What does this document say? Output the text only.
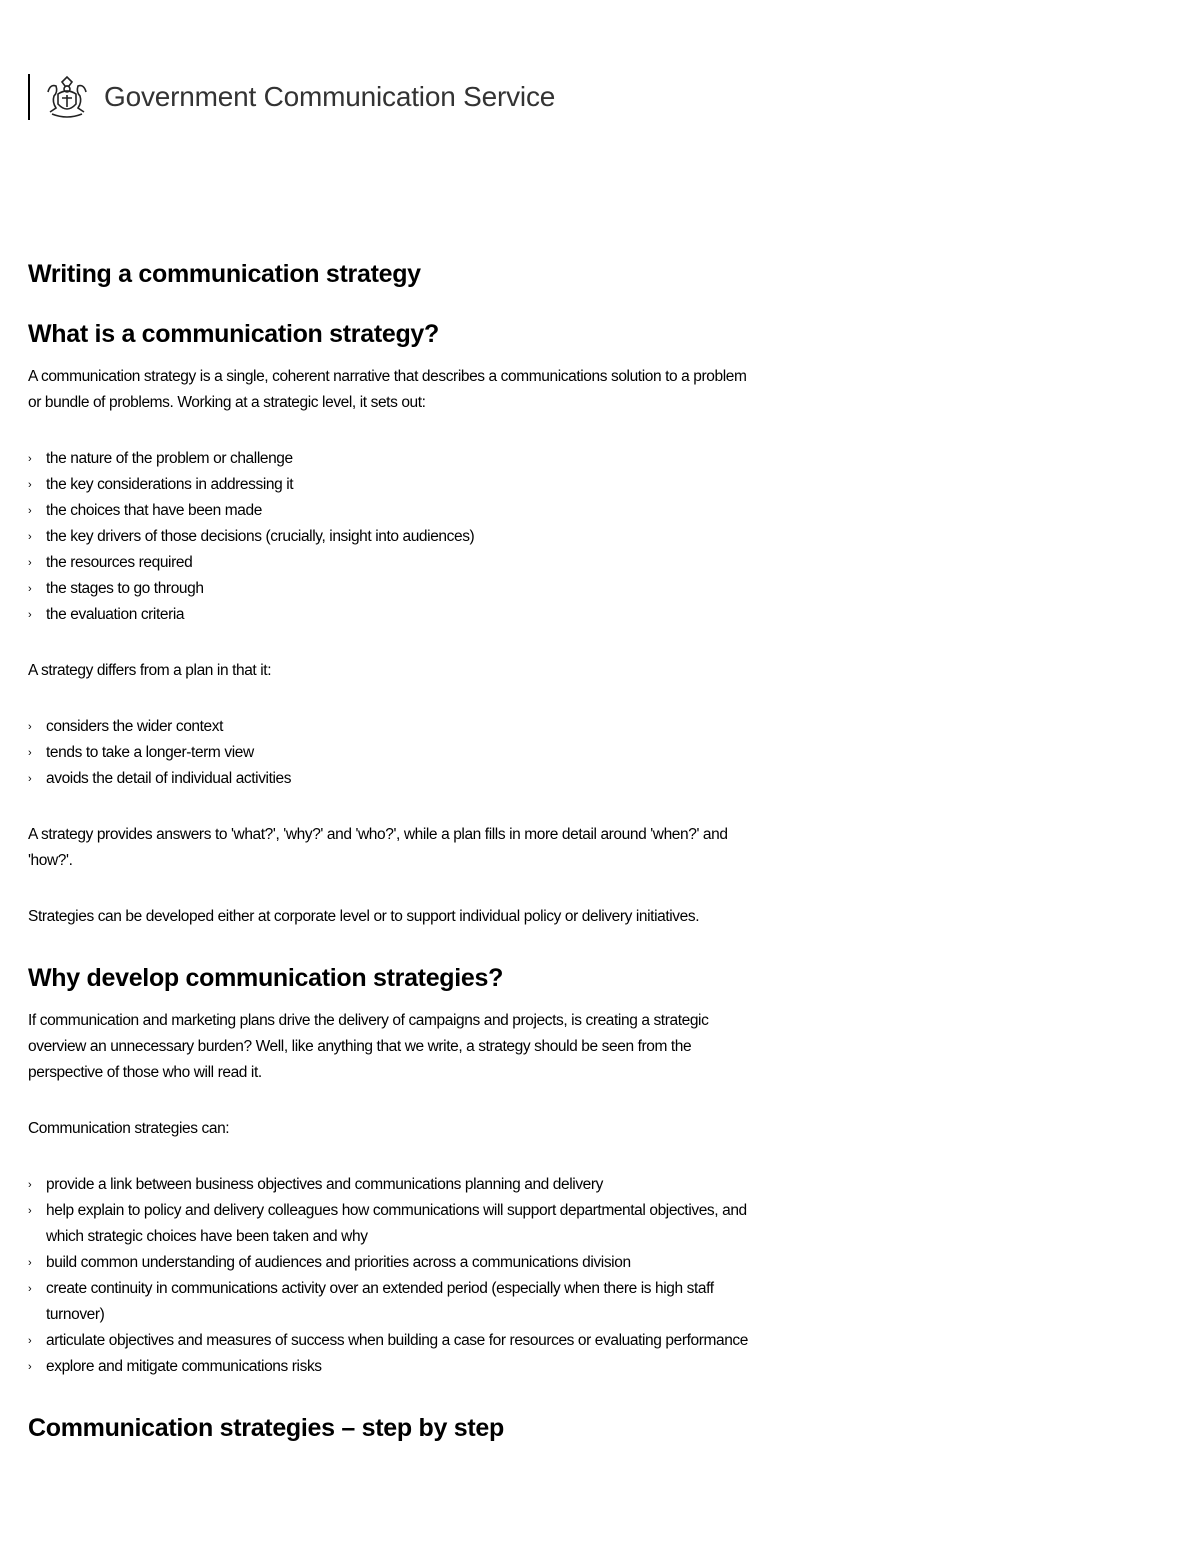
Government Communication Service
Writing a communication strategy
What is a communication strategy?

A communication strategy is a single, coherent narrative that describes a communications solution to a problem or bundle of problems. Working at a strategic level, it sets out:

› the nature of the problem or challenge
› the key considerations in addressing it
› the choices that have been made
› the key drivers of those decisions (crucially, insight into audiences)
› the resources required
› the stages to go through
› the evaluation criteria

A strategy differs from a plan in that it:

› considers the wider context
› tends to take a longer-term view
› avoids the detail of individual activities

A strategy provides answers to 'what?', 'why?' and 'who?', while a plan fills in more detail around 'when?' and 'how?'.

Strategies can be developed either at corporate level or to support individual policy or delivery initiatives.

Why develop communication strategies?

If communication and marketing plans drive the delivery of campaigns and projects, is creating a strategic overview an unnecessary burden? Well, like anything that we write, a strategy should be seen from the perspective of those who will read it.

Communication strategies can:

› provide a link between business objectives and communications planning and delivery
› help explain to policy and delivery colleagues how communications will support departmental objectives, and which strategic choices have been taken and why
› build common understanding of audiences and priorities across a communications division
› create continuity in communications activity over an extended period (especially when there is high staff turnover)
› articulate objectives and measures of success when building a case for resources or evaluating performance
› explore and mitigate communications risks
Communication strategies – step by step
